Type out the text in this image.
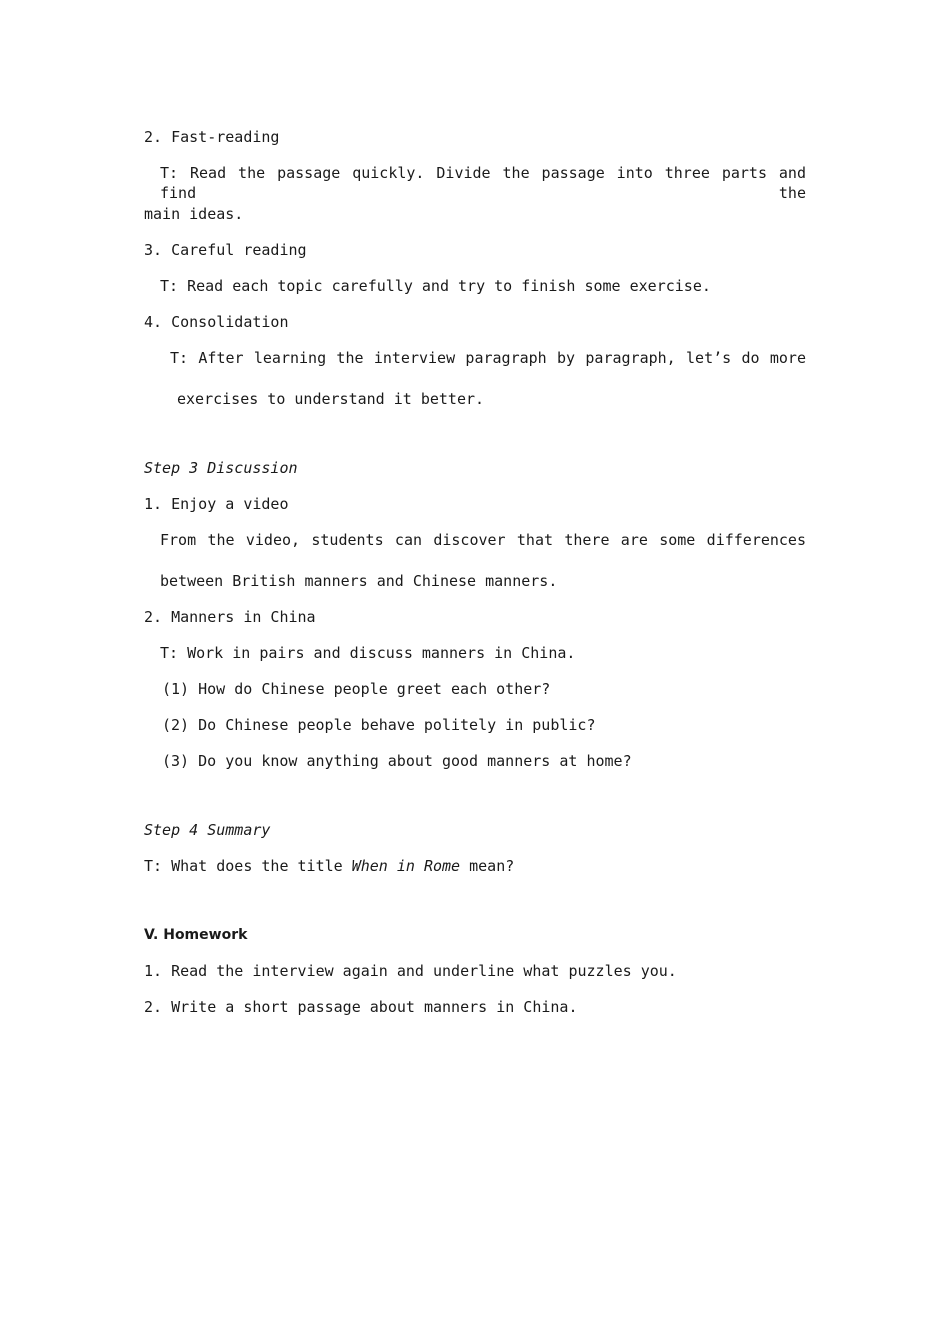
2. Fast-reading
T: Read the passage quickly. Divide the passage into three parts and find the
main ideas.
3. Careful reading
T: Read each topic carefully and try to finish some exercise.
4. Consolidation
T: After learning the interview paragraph by paragraph, let’s do more
exercises to understand it better.
Step 3 Discussion
1. Enjoy a video
From the video, students can discover that there are some differences
between British manners and Chinese manners.
2. Manners in China
T: Work in pairs and discuss manners in China.
(1) How do Chinese people greet each other?
(2) Do Chinese people behave politely in public?
(3) Do you know anything about good manners at home?
Step 4 Summary
T: What does the title When in Rome mean?
V. Homework
1. Read the interview again and underline what puzzles you.
2. Write a short passage about manners in China.
